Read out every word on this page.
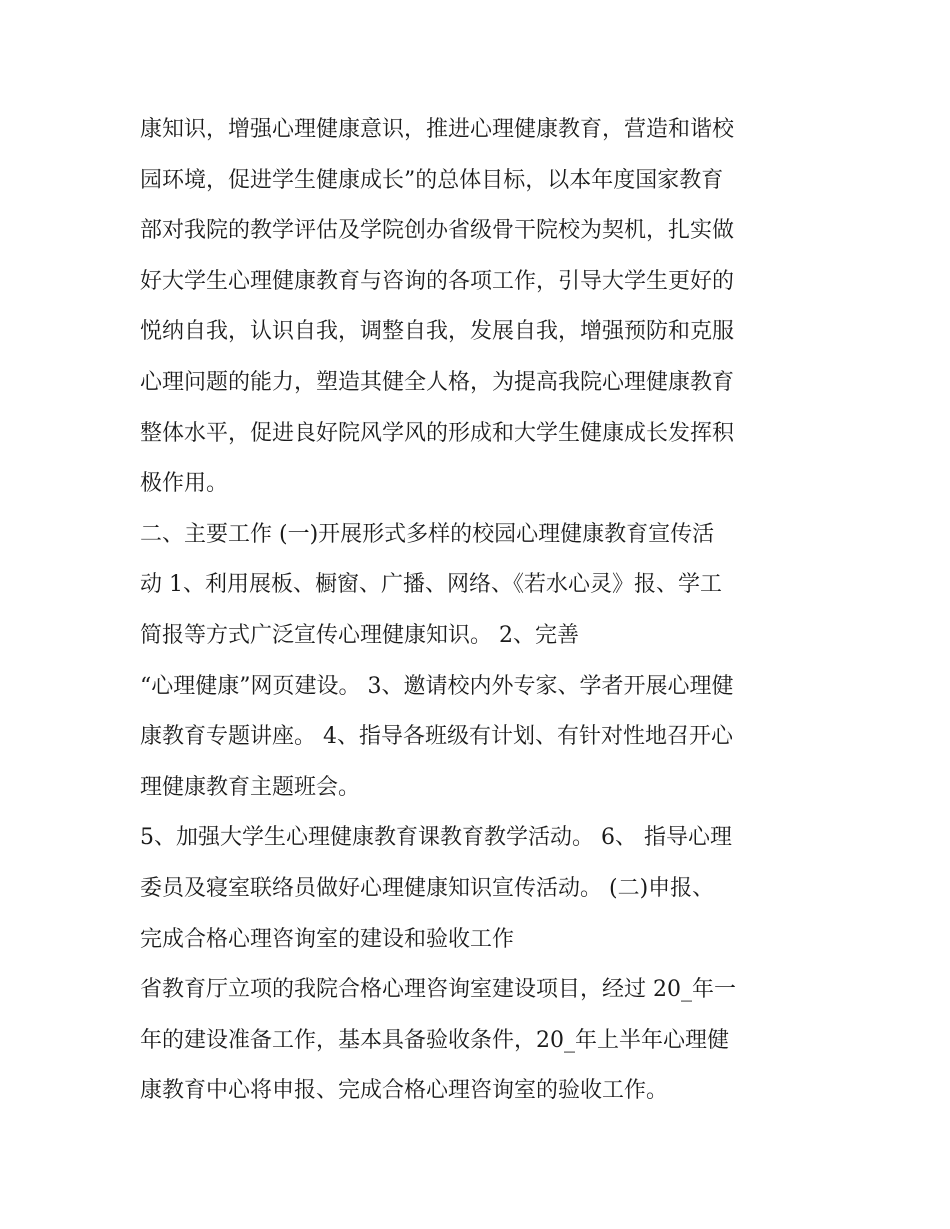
康知识，增强心理健康意识，推进心理健康教育，营造和谐校
园环境，促进学生健康成长”的总体目标，以本年度国家教育
部对我院的教学评估及学院创办省级骨干院校为契机，扎实做
好大学生心理健康教育与咨询的各项工作，引导大学生更好的
悦纳自我，认识自我，调整自我，发展自我，增强预防和克服
心理问题的能力，塑造其健全人格，为提高我院心理健康教育
整体水平，促进良好院风学风的形成和大学生健康成长发挥积
极作用。
二、主要工作 (一)开展形式多样的校园心理健康教育宣传活
动 1、利用展板、橱窗、广播、网络、《若水心灵》报、学工
简报等方式广泛宣传心理健康知识。 2、完善
“心理健康”网页建设。 3、邀请校内外专家、学者开展心理健
康教育专题讲座。 4、指导各班级有计划、有针对性地召开心
理健康教育主题班会。
5、加强大学生心理健康教育课教育教学活动。 6、 指导心理
委员及寝室联络员做好心理健康知识宣传活动。 (二)申报、
完成合格心理咨询室的建设和验收工作
省教育厅立项的我院合格心理咨询室建设项目，经过 20_年一
年的建设准备工作，基本具备验收条件，20_年上半年心理健
康教育中心将申报、完成合格心理咨询室的验收工作。
